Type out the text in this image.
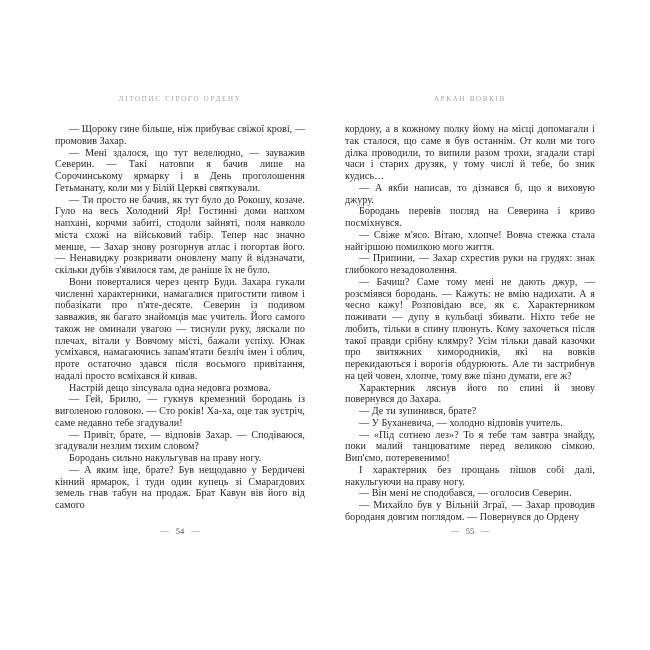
ЛІТОПИС СІРОГО ОРДЕНУ

— Щороку гине більше, ніж прибуває свіжої крові, — промовив Захар.

— Мені здалося, що тут велелюдно, — зауважив Северин. — Такі натовпи я бачив лише на Сорочинському ярмарку і в День проголошення Гетьманату, коли ми у Білій Церкві святкували.

— Ти просто не бачив, як тут було до Рокошу, козаче. Гуло на весь Холодний Яр! Гостинні доми напхом напхані, корчми забиті, стодоли зайняті, поля навколо міста схожі на військовий табір. Тепер нас значно менше, — Захар знову розгорнув атлас і погортав його. — Ненавиджу розкривати оновлену мапу й відзначати, скільки дубів з'явилося там, де раніше їх не було.

Вони поверталися через центр Буди. Захара гукали численні характерники, намагалися пригостити пивом і побазікати про п'яте-десяте. Северин із подивом завважив, як багато знайомців має учитель. Його самого також не оминали увагою — тиснули руку, ляскали по плечах, вітали у Вовчому місті, бажали успіху. Юнак усміхався, намагаючись запам'ятати безліч імен і облич, проте остаточно здався після восьмого привітання, надалі просто всміхався й кивав.

Настрій дещо зіпсувала одна недовга розмова.

— Гей, Брилю, — гукнув кремезний бородань із виголеною головою. — Сто років! Ха-ха, оце так зустріч, саме недавно тебе згадували!

— Привіт, брате, — відповів Захар. — Сподіваюся, згадували незлим тихим словом?

Бородань сильно накульгував на праву ногу.

— А яким іще, брате? Був нещодавно у Бердичеві кінний ярмарок, і туди один купець зі Смарагдових земель гнав табун на продаж. Брат Кавун вів його від самого

— 54 —
АРКАН ВОВКІВ

кордону, а в кожному полку йому на місці допомагали і так сталося, що саме я був останнім. От коли ми того ділка проводили, то випили разом трохи, згадали старі часи і старих друзяк, у тому числі й тебе, бо зник кудись…

— А якби написав, то дізнався б, що я виховую джуру.

Бородань перевів погляд на Северина і криво посміхнувся.

— Свіже м'ясо. Вітаю, хлопче! Вовча стежка стала найгіршою помилкою мого життя.

— Припини, — Захар схрестив руки на грудях: знак глибокого незадоволення.

— Бачиш? Саме тому мені не дають джур, — розсміявся бородань. — Кажуть: не вмію надихати. А я чесно кажу! Розповідаю все, як є. Характерником поживати — дупу в кульбаці збивати. Ніхто тебе не любить, тільки в спину плюнуть. Кому захочеться після такої правди срібну клямру? Усім тільки давай казочки про звитяжних химородників, які на вовків перекидаються і ворогів обдурюють. Але ти застрибнув на цей човен, хлопче, тому вже пізно думати, еге ж?

Характерник ляснув його по спині й знову повернувся до Захара.

— Де ти зупинився, брате?

— У Буханевича, — холодно відповів учитель.

— «Під сотнею лез»? То я тебе там завтра знайду, поки малий танцюватиме перед великою сімкою. Вип'ємо, потеревенимо!

І характерник без прощань пішов собі далі, накульгуючи на праву ногу.

— Він мені не сподобався, — оголосив Северин.

— Михайло був у Вільній Зграї, — Захар проводив бороданя довгим поглядом. — Повернувся до Ордену

— 55 —
